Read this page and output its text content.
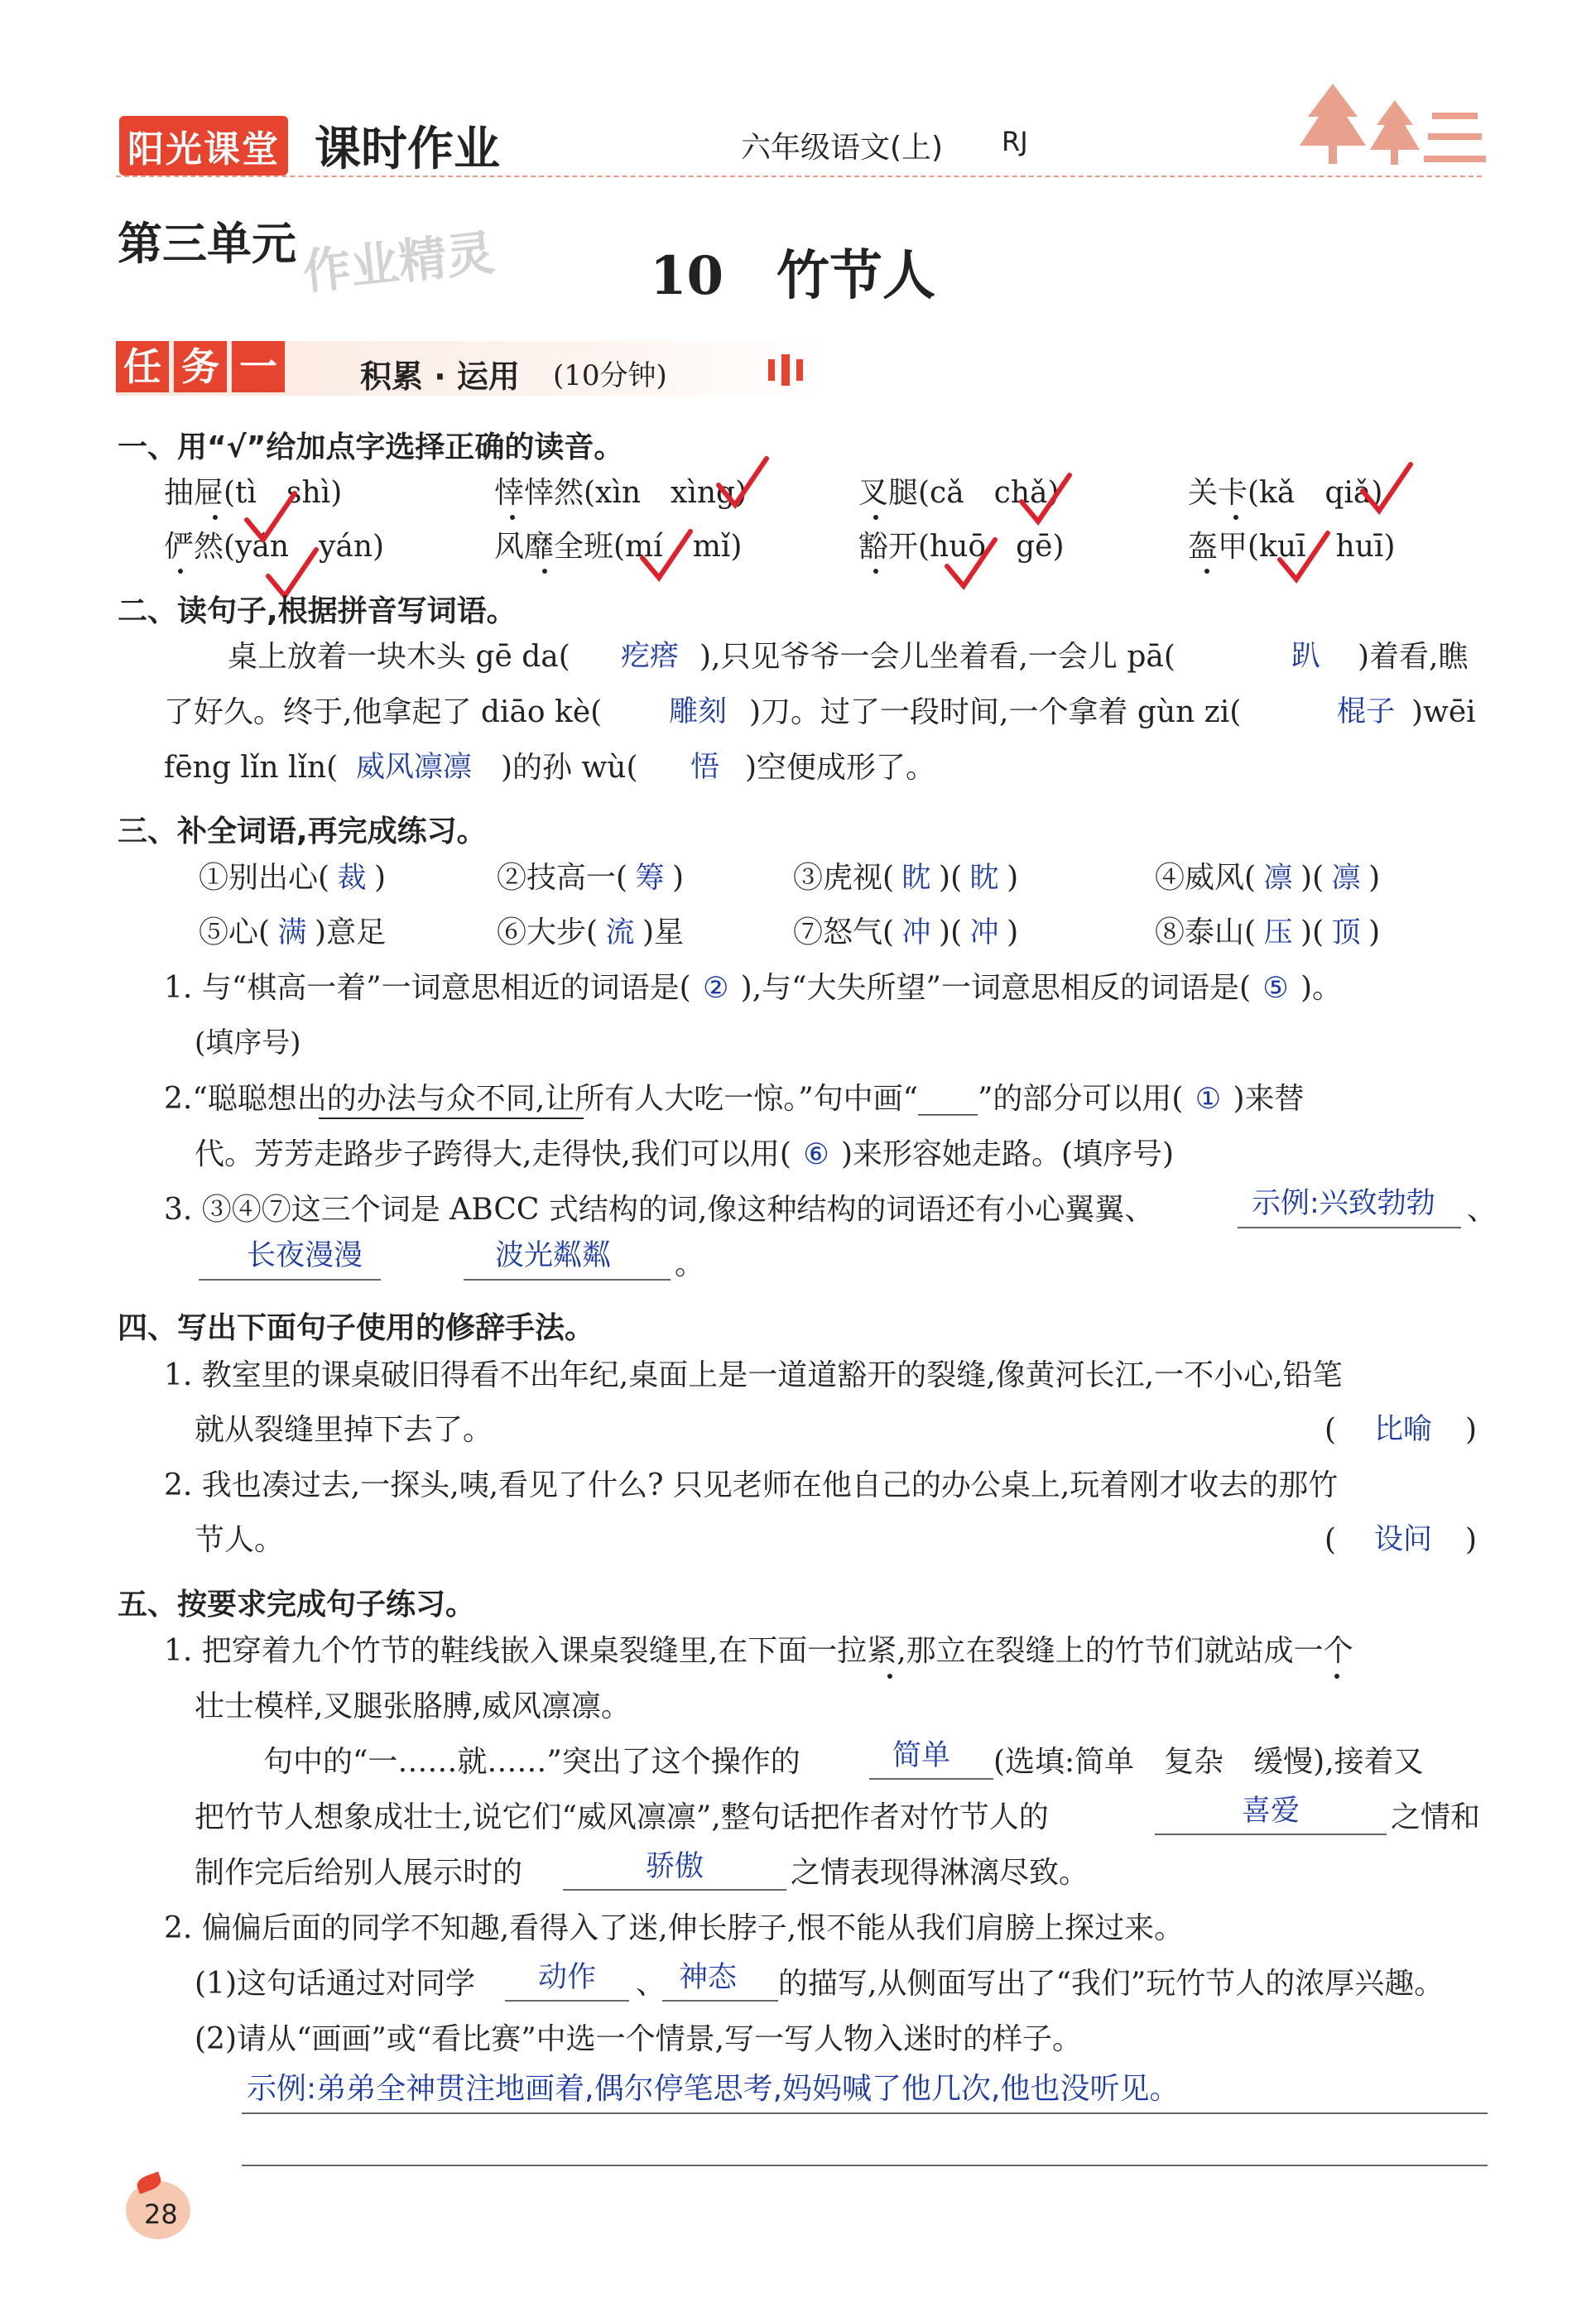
阳光课堂 课时作业	六年级语文(上) RJ
第三单元 作业精灵	10　竹节人
任 务 一	积累 · 运用 (10分钟)
一、用“√”给加点字选择正确的读音。
抽屉(tì　shì)	悻悻然(xìn　xìng)	叉腿(cǎ　chǎ)	关卡(kǎ　qiǎ)
俨然(yǎn　yán)	风靡全班(mí　mǐ)	豁开(huō　gē)	盔甲(kuī　huī)
二、读句子,根据拼音写词语。
桌上放着一块木头 gē da( 疙瘩 ),只见爷爷一会儿坐着看,一会儿 pā(	趴 )着看,瞧
了好久。终于,他拿起了 diāo kè( 雕刻 )刀。过了一段时间,一个拿着 gùn zi(	棍子 )wēi
fēng lǐn lǐn( 威风凛凛 )的孙 wù( 悟 )空便成形了。
三、补全词语,再完成练习。
①别出心( 裁 )	②技高一( 筹 )	③虎视( 眈 )( 眈 )	④威风( 凛 )( 凛 )
⑤心( 满 )意足	⑥大步( 流 )星	⑦怒气( 冲 )( 冲 )	⑧泰山( 压 )( 顶 )
1. 与“棋高一着”一词意思相近的词语是( ② ),与“大失所望”一词意思相反的词语是( ⑤ )。
(填序号)
2.“聪聪想出的办法与众不同,让所有人大吃一惊。”句中画“____”的部分可以用( ① )来替
代。芳芳走路步子跨得大,走得快,我们可以用( ⑥ )来形容她走路。(填序号)
3. ③④⑦这三个词是 ABCC 式结构的词,像这种结构的词语还有小心翼翼、	示例:兴致勃勃 、
长夜漫漫	波光粼粼 。
四、写出下面句子使用的修辞手法。
1. 教室里的课桌破旧得看不出年纪,桌面上是一道道豁开的裂缝,像黄河长江,一不小心,铅笔
就从裂缝里掉下去了。	( 比喻 )
2. 我也凑过去,一探头,咦,看见了什么? 只见老师在他自己的办公桌上,玩着刚才收去的那竹
节人。	( 设问 )
五、按要求完成句子练习。
1. 把穿着九个竹节的鞋线嵌入课桌裂缝里,在下面一拉紧,那立在裂缝上的竹节们就站成一个
壮士模样,叉腿张胳膊,威风凛凛。
句中的“一……就……”突出了这个操作的	简单 (选填:简单　复杂　缓慢),接着又
把竹节人想象成壮士,说它们“威风凛凛”,整句话把作者对竹节人的	喜爱	之情和
制作完后给别人展示时的	骄傲	之情表现得淋漓尽致。
2. 偏偏后面的同学不知趣,看得入了迷,伸长脖子,恨不能从我们肩膀上探过来。
(1)这句话通过对同学 动作 、 神态 的描写,从侧面写出了“我们”玩竹节人的浓厚兴趣。
(2)请从“画画”或“看比赛”中选一个情景,写一写人物入迷时的样子。
示例:弟弟全神贯注地画着,偶尔停笔思考,妈妈喊了他几次,他也没听见。
28
